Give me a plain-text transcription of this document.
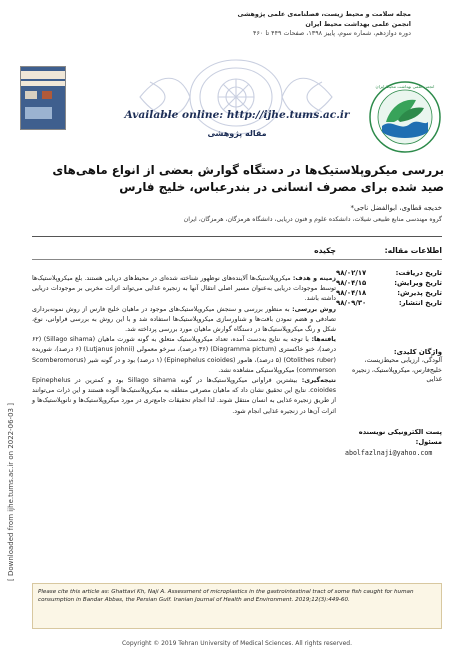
[ Downloaded from ijhe.tums.ac.ir on 2022-06-03 ]
مجله سلامت و محیط زیست، فصلنامه‌ی علمی پژوهشی
انجمن علمی بهداشت محیط ایران
دوره دوازدهم، شماره سوم، پاییز ۱۳۹۸، صفحات ۴۴۹ تا ۴۶۰
انجمن علمی بهداشت محیط ایران
Available online: http://ijhe.tums.ac.ir
مقاله پژوهشی
بررسی میکروپلاستیک‌ها در دستگاه گوارش بعضی از انواع ماهی‌های صید شده برای مصرف انسانی در بندرعباس، خلیج فارس
خدیجه قطاوی، ابوالفضل ناجی*
گروه مهندسی منابع طبیعی شیلات، دانشکده علوم و فنون دریایی، دانشگاه هرمزگان، هرمزگان، ایران
اطلاعات مقاله:
چکیده
تاریخ دریافت:
۹۸/۰۲/۱۷
تاریخ ویرایش:
۹۸/۰۴/۱۵
تاریخ پذیرش:
۹۸/۰۴/۱۸
تاریخ انتشار:
۹۸/۰۹/۳۰
واژگان کلیدی:
آلودگی، ارزیابی محیط‌زیست، خلیج‌فارس، میکروپلاستیک، زنجیره غذایی
پست الکترونیکی نویسنده مسئول:
abolfazlnaji@yahoo.com
زمینه و هدف: میکروپلاستیک‌ها آلاینده‌های نوظهور شناخته شده‌ای در محیط‌های دریایی هستند. بلع میکروپلاستیک‌ها توسط موجودات دریایی به‌عنوان مسیر اصلی انتقال آنها به زنجیره غذایی می‌تواند اثرات مخربی بر موجودات دریایی داشته باشد.
روش بررسی: به منظور بررسی و سنجش میکروپلاستیک‌های موجود در ماهیان خلیج فارس از روش نمونه‌برداری تصادفی و هضم نمودن بافت‌ها و شناورسازی میکروپلاستیک‌ها استفاده شد و با این روش به بررسی فراوانی، نوع، شکل و رنگ میکروپلاستیک‌ها در دستگاه گوارش ماهیان مورد بررسی پرداخته شد.
یافته‌ها: با توجه به نتایج به‌دست آمده، تعداد میکروپلاستیک متعلق به گونه شورت ماهیان (Sillago sihama) (۶۲ درصد)، خنو خاکستری (Diagramma pictum) (۳۶ درصد)، سرخو معمولی (Lutjanus johnii) (۶ درصد)، شوریده (Otolithes ruber) (۵ درصد)، هامور (Epinephelus coioides) (۱ درصد) بود و در گونه شیر (Scomberomorus commerson) میکروپلاستیکی مشاهده نشد.
نتیجه‌گیری: بیشترین فراوانی میکروپلاستیک‌ها در گونه Sillago sihama بود و کمترین در Epinephelus coioides. نتایج این تحقیق نشان داد که ماهیان مصرفی منطقه به میکروپلاستیک‌ها آلوده هستند و این ذرات می‌توانند از طریق زنجیره غذایی به انسان منتقل شوند. لذا انجام تحقیقات جامع‌تری در مورد میکروپلاستیک‌ها و نانوپلاستیک‌ها و اثرات آن‌ها در زنجیره غذایی انجام شود.
Please cite this article as: Ghattavi Kh, Naji A. Assessment of microplastics in the gastrointestinal tract of some fish caught for human consumption in Bandar Abbas, the Persian Gulf. Iranian Journal of Health and Environment. 2019;12(3):449-60.
Copyright © 2019 Tehran University of Medical Sciences. All rights reserved.
